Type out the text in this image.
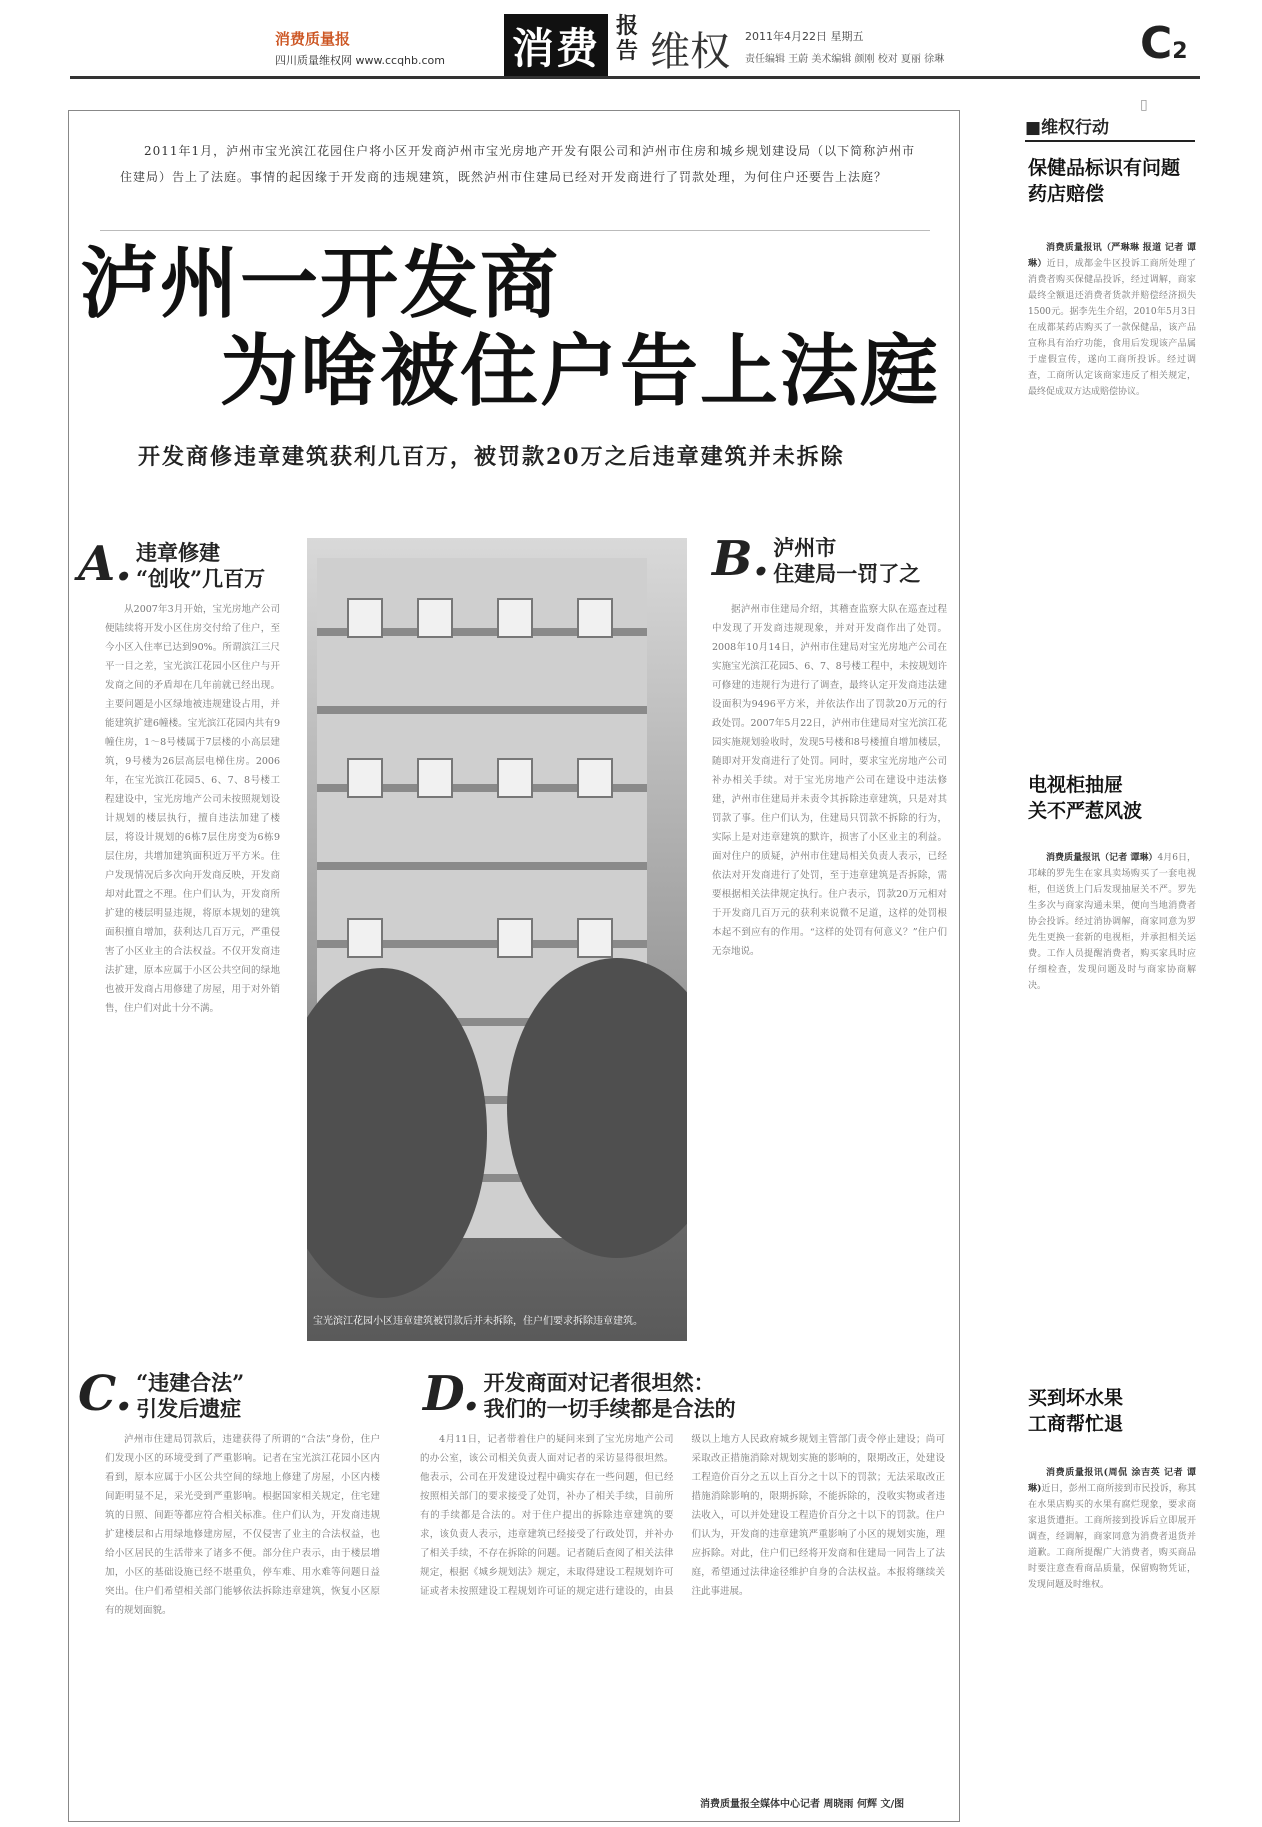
消费质量报
四川质量维权网 www.ccqhb.com 消费 报告 维权 2011年4月22日 星期五
责任编辑 王蔚 美术编辑 颜刚 校对 夏丽 徐琳	C2 ▯
2011年1月，泸州市宝光滨江花园住户将小区开发商泸州市宝光房地产开发有限公司和泸州市住房和城乡规划建设局（以下简称泸州市住建局）告上了法庭。事情的起因缘于开发商的违规建筑，既然泸州市住建局已经对开发商进行了罚款处理，为何住户还要告上法庭？
泸州一开发商
为啥被住户告上法庭
开发商修违章建筑获利几百万，被罚款20万之后违章建筑并未拆除
A. 违章修建
“创收”几百万

从2007年3月开始，宝光房地产公司便陆续将开发小区住房交付给了住户，至今小区入住率已达到90%。所谓滨江三尺平一目之差，宝光滨江花园小区住户与开发商之间的矛盾却在几年前就已经出现。主要问题是小区绿地被违规建设占用，并能建筑扩建6幢楼。宝光滨江花园内共有9幢住房，1～8号楼属于7层楼的小高层建筑，9号楼为26层高层电梯住房。2006年，在宝光滨江花园5、6、7、8号楼工程建设中，宝光房地产公司未按照规划设计规划的楼层执行，擅自违法加建了楼层，将设计规划的6栋7层住房变为6栋9层住房，共增加建筑面积近万平方米。住户发现情况后多次向开发商反映，开发商却对此置之不理。住户们认为，开发商所扩建的楼层明显违规，将原本规划的建筑面积擅自增加，获利达几百万元，严重侵害了小区业主的合法权益。不仅开发商违法扩建，原本应属于小区公共空间的绿地也被开发商占用修建了房屋，用于对外销售，住户们对此十分不满。

宝光滨江花园小区违章建筑被罚款后并未拆除，住户们要求拆除违章建筑。
B. 泸州市
住建局一罚了之

据泸州市住建局介绍，其稽查监察大队在巡查过程中发现了开发商违规现象，并对开发商作出了处罚。2008年10月14日，泸州市住建局对宝光房地产公司在实施宝光滨江花园5、6、7、8号楼工程中，未按规划许可修建的违规行为进行了调查，最终认定开发商违法建设面积为9496平方米，并依法作出了罚款20万元的行政处罚。2007年5月22日，泸州市住建局对宝光滨江花园实施规划验收时，发现5号楼和8号楼擅自增加楼层，随即对开发商进行了处罚。同时，要求宝光房地产公司补办相关手续。对于宝光房地产公司在建设中违法修建，泸州市住建局并未责令其拆除违章建筑，只是对其罚款了事。住户们认为，住建局只罚款不拆除的行为，实际上是对违章建筑的默许，损害了小区业主的利益。面对住户的质疑，泸州市住建局相关负责人表示，已经依法对开发商进行了处罚，至于违章建筑是否拆除，需要根据相关法律规定执行。住户表示，罚款20万元相对于开发商几百万元的获利来说微不足道，这样的处罚根本起不到应有的作用。“这样的处罚有何意义？”住户们无奈地说。

C. “违建合法”
引发后遗症

泸州市住建局罚款后，违建获得了所谓的“合法”身份，住户们发现小区的环境受到了严重影响。记者在宝光滨江花园小区内看到，原本应属于小区公共空间的绿地上修建了房屋，小区内楼间距明显不足，采光受到严重影响。根据国家相关规定，住宅建筑的日照、间距等都应符合相关标准。住户们认为，开发商违规扩建楼层和占用绿地修建房屋，不仅侵害了业主的合法权益，也给小区居民的生活带来了诸多不便。部分住户表示，由于楼层增加，小区的基础设施已经不堪重负，停车难、用水难等问题日益突出。住户们希望相关部门能够依法拆除违章建筑，恢复小区原有的规划面貌。

D. 开发商面对记者很坦然：
我们的一切手续都是合法的

4月11日，记者带着住户的疑问来到了宝光房地产公司的办公室，该公司相关负责人面对记者的采访显得很坦然。他表示，公司在开发建设过程中确实存在一些问题，但已经按照相关部门的要求接受了处罚，补办了相关手续，目前所有的手续都是合法的。对于住户提出的拆除违章建筑的要求，该负责人表示，违章建筑已经接受了行政处罚，并补办了相关手续，不存在拆除的问题。记者随后查阅了相关法律规定，根据《城乡规划法》规定，未取得建设工程规划许可证或者未按照建设工程规划许可证的规定进行建设的，由县级以上地方人民政府城乡规划主管部门责令停止建设；尚可采取改正措施消除对规划实施的影响的，限期改正，处建设工程造价百分之五以上百分之十以下的罚款；无法采取改正措施消除影响的，限期拆除，不能拆除的，没收实物或者违法收入，可以并处建设工程造价百分之十以下的罚款。住户们认为，开发商的违章建筑严重影响了小区的规划实施，理应拆除。对此，住户们已经将开发商和住建局一同告上了法庭，希望通过法律途径维护自身的合法权益。本报将继续关注此事进展。

消费质量报全媒体中心记者 周晓雨 何辉 文/图
■维权行动
保健品标识有问题
药店赔偿

消费质量报讯（严琳琳 报道 记者 谭琳）近日，成都金牛区投诉工商所处理了消费者购买保健品投诉，经过调解，商家最终全额退还消费者货款并赔偿经济损失1500元。据李先生介绍，2010年5月3日在成都某药店购买了一款保健品，该产品宣称具有治疗功能，食用后发现该产品属于虚假宣传，遂向工商所投诉。经过调查，工商所认定该商家违反了相关规定，最终促成双方达成赔偿协议。

电视柜抽屉
关不严惹风波

消费质量报讯（记者 谭琳）4月6日，邛崃的罗先生在家具卖场购买了一套电视柜，但送货上门后发现抽屉关不严。罗先生多次与商家沟通未果，便向当地消费者协会投诉。经过消协调解，商家同意为罗先生更换一套新的电视柜，并承担相关运费。工作人员提醒消费者，购买家具时应仔细检查，发现问题及时与商家协商解决。

买到坏水果
工商帮忙退

消费质量报讯(周侃 涂吉英 记者 谭琳)近日，彭州工商所接到市民投诉，称其在水果店购买的水果有腐烂现象，要求商家退货遭拒。工商所接到投诉后立即展开调查，经调解，商家同意为消费者退货并道歉。工商所提醒广大消费者，购买商品时要注意查看商品质量，保留购物凭证，发现问题及时维权。
